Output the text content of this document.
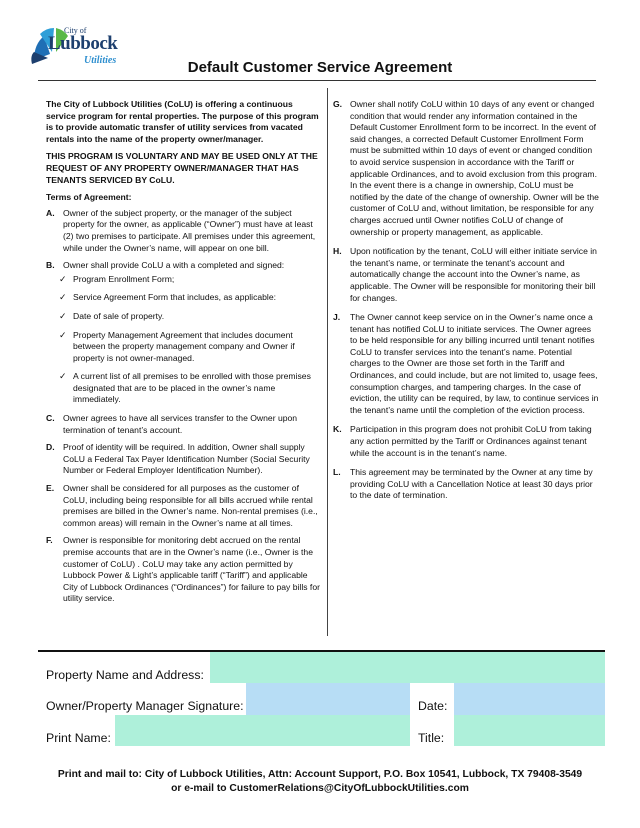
City of
Lubbock
Utilities	Default Customer Service Agreement

The City of Lubbock Utilities (CoLU) is offering a continuous service program for rental properties. The purpose of this program is to provide automatic transfer of utility services from vacated rentals into the name of the property owner/manager.

THIS PROGRAM IS VOLUNTARY AND MAY BE USED ONLY AT THE REQUEST OF ANY PROPERTY OWNER/MANAGER THAT HAS TENANTS SERVICED BY CoLU.

Terms of Agreement:

A. Owner of the subject property, or the manager of the subject property for the owner, as applicable (“Owner”) must have at least (2) two premises to participate. All premises under this agreement, while under the Owner’s name, will appear on one bill.
B. Owner shall provide CoLU a with a completed and signed:
✓ Program Enrollment Form;
✓ Service Agreement Form that includes, as applicable:
✓ Date of sale of property.
✓ Property Management Agreement that includes document between the property management company and Owner if property is not owner-managed.
✓ A current list of all premises to be enrolled with those premises designated that are to be placed in the owner’s name immediately.
C. Owner agrees to have all services transfer to the Owner upon termination of tenant’s account.
D. Proof of identity will be required. In addition, Owner shall supply CoLU a Federal Tax Payer Identification Number (Social Security Number or Federal Employer Identification Number).
E. Owner shall be considered for all purposes as the customer of CoLU, including being responsible for all bills accrued while rental premises are billed in the Owner’s name. Non-rental premises (i.e., common areas) will remain in the Owner’s name at all times.
F. Owner is responsible for monitoring debt accrued on the rental premise accounts that are in the Owner’s name (i.e., Owner is the customer of CoLU) . CoLU may take any action permitted by Lubbock Power & Light’s applicable tariff (“Tariff”) and applicable City of Lubbock Ordinances (“Ordinances”) for failure to pay bills for utility service.
G. Owner shall notify CoLU within 10 days of any event or changed condition that would render any information contained in the Default Customer Enrollment form to be incorrect. In the event of said changes, a corrected Default Customer Enrollment Form must be submitted within 10 days of event or changed condition to avoid service suspension in accordance with the Tariff or applicable Ordinances, and to avoid exclusion from this program. In the event there is a change in ownership, CoLU must be notified by the date of the change of ownership. Owner will be the customer of CoLU and, without limitation, be responsible for any charges accrued until Owner notifies CoLU of change of ownership or property management, as applicable.
H. Upon notification by the tenant, CoLU will either initiate service in the tenant’s name, or terminate the tenant’s account and automatically change the account into the Owner’s name, as applicable. The Owner will be responsible for monitoring their bill for changes.
J. The Owner cannot keep service on in the Owner’s name once a tenant has notified CoLU to initiate services. The Owner agrees to be held responsible for any billing incurred until tenant notifies CoLU to transfer services into the tenant’s name. Potential charges to the Owner are those set forth in the Tariff and Ordinances, and could include, but are not limited to, usage fees, consumption charges, and tampering charges. In the case of eviction, the utility can be required, by law, to continue services in the tenant’s name until the completion of the eviction process.
K. Participation in this program does not prohibit CoLU from taking any action permitted by the Tariff or Ordinances against tenant while the account is in the tenant’s name.
L. This agreement may be terminated by the Owner at any time by providing CoLU with a Cancellation Notice at least 30 days prior to the date of termination.
Property Name and Address:
Owner/Property Manager Signature:	Date:
Print Name:	Title:
Print and mail to: City of Lubbock Utilities, Attn: Account Support, P.O. Box 10541, Lubbock, TX 79408-3549
or e-mail to CustomerRelations@CityOfLubbockUtilities.com
